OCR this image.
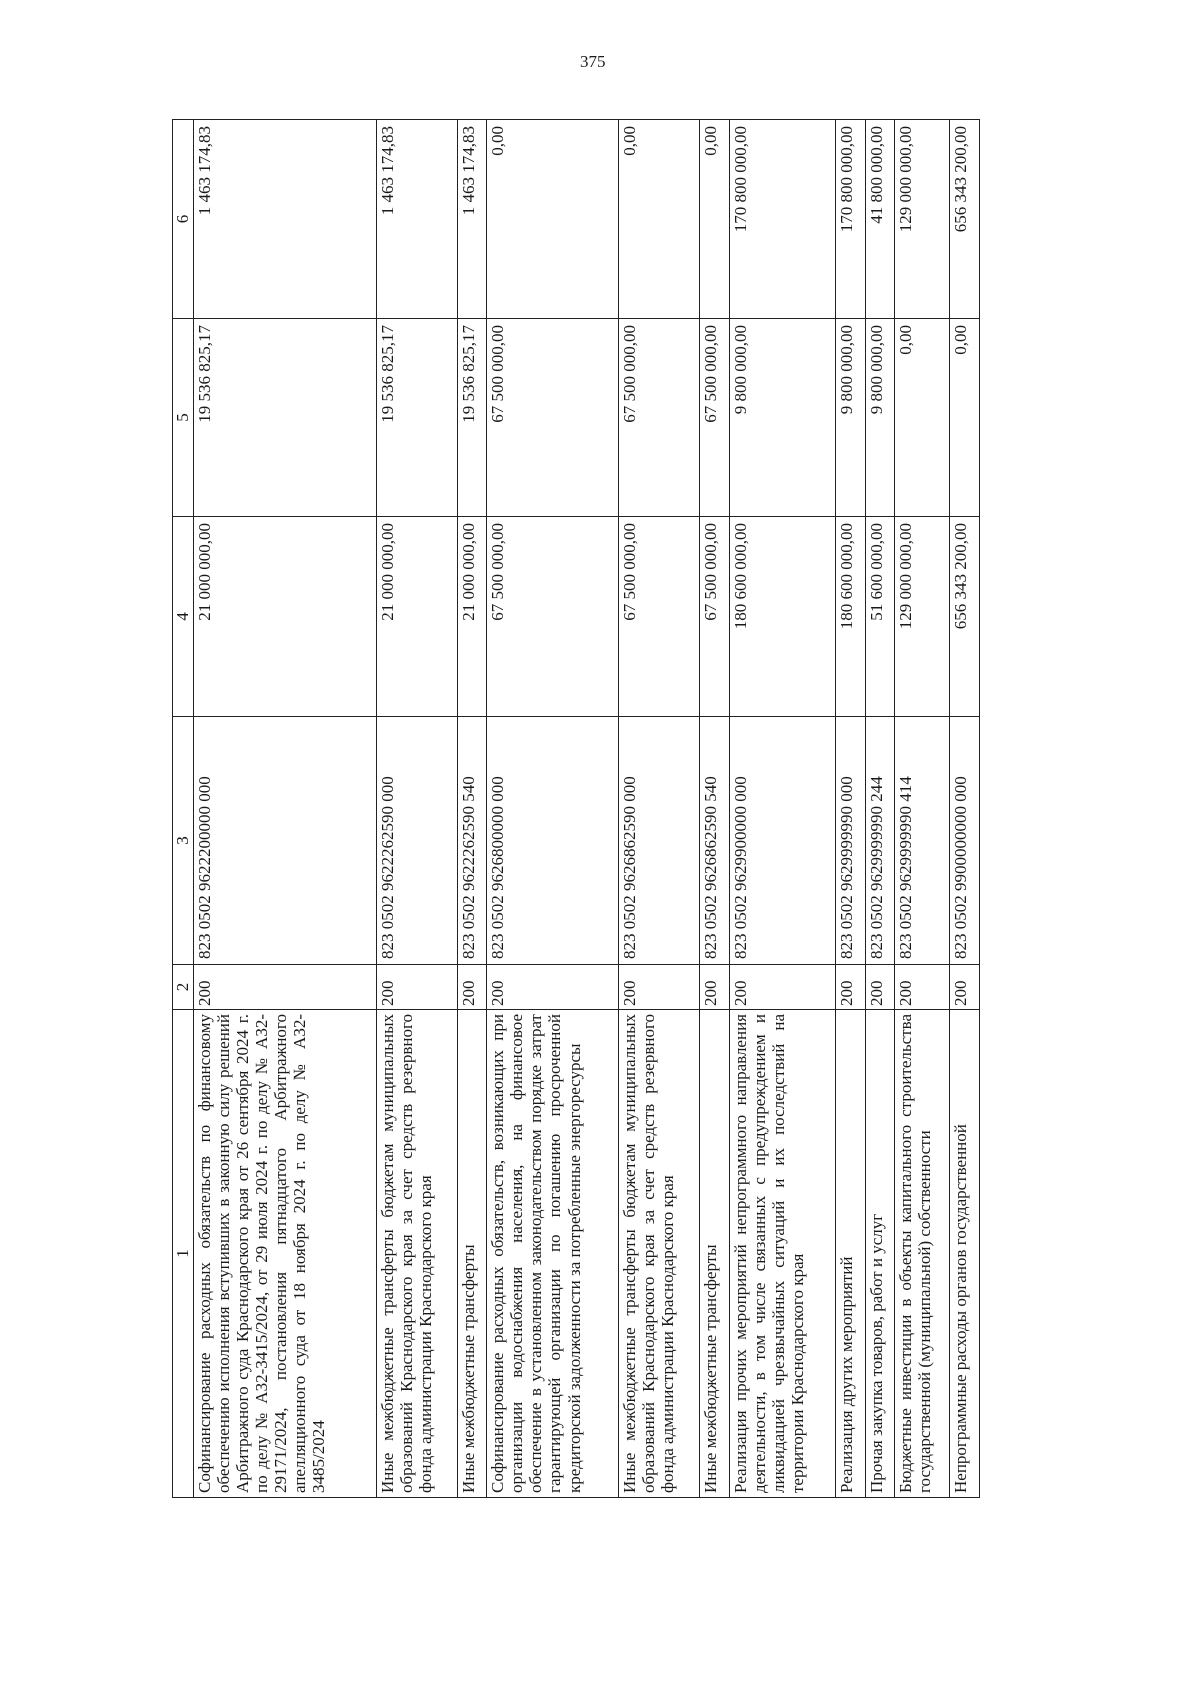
375
1	2	3	4	5	6
Софинансирование расходных обязательств по финансовому обеспечению исполнения вступивших в законную силу решений Арбитражного суда Краснодарского края от 26 сентября 2024 г. по делу № А32-3415/2024, от 29 июля 2024 г. по делу № А32-29171/2024, постановления пятнадцатого Арбитражного апелляционного суда от 18 ноября 2024 г. по делу № А32-3485/2024	200	823 0502 9622200000 000	21 000 000,00	19 536 825,17	1 463 174,83
Иные межбюджетные трансферты бюджетам муниципальных образований Краснодарского края за счет средств резервного фонда администрации Краснодарского края	200	823 0502 9622262590 000	21 000 000,00	19 536 825,17	1 463 174,83
Иные межбюджетные трансферты	200	823 0502 9622262590 540	21 000 000,00	19 536 825,17	1 463 174,83
Софинансирование расходных обязательств, возникающих при организации водоснабжения населения, на финансовое обеспечение в установленном законодательством порядке затрат гарантирующей организации по погашению просроченной кредиторской задолженности за потребленные энергоресурсы	200	823 0502 9626800000 000	67 500 000,00	67 500 000,00	0,00
Иные межбюджетные трансферты бюджетам муниципальных образований Краснодарского края за счет средств резервного фонда администрации Краснодарского края	200	823 0502 9626862590 000	67 500 000,00	67 500 000,00	0,00
Иные межбюджетные трансферты	200	823 0502 9626862590 540	67 500 000,00	67 500 000,00	0,00
Реализация прочих мероприятий непрограммного направления деятельности, в том числе связанных с предупреждением и ликвидацией чрезвычайных ситуаций и их последствий на территории Краснодарского края	200	823 0502 9629900000 000	180 600 000,00	9 800 000,00	170 800 000,00
Реализация других мероприятий	200	823 0502 9629999990 000	180 600 000,00	9 800 000,00	170 800 000,00
Прочая закупка товаров, работ и услуг	200	823 0502 9629999990 244	51 600 000,00	9 800 000,00	41 800 000,00
Бюджетные инвестиции в объекты капитального строительства государственной (муниципальной) собственности	200	823 0502 9629999990 414	129 000 000,00	0,00	129 000 000,00
Непрограммные расходы органов государственной	200	823 0502 9900000000 000	656 343 200,00	0,00	656 343 200,00
